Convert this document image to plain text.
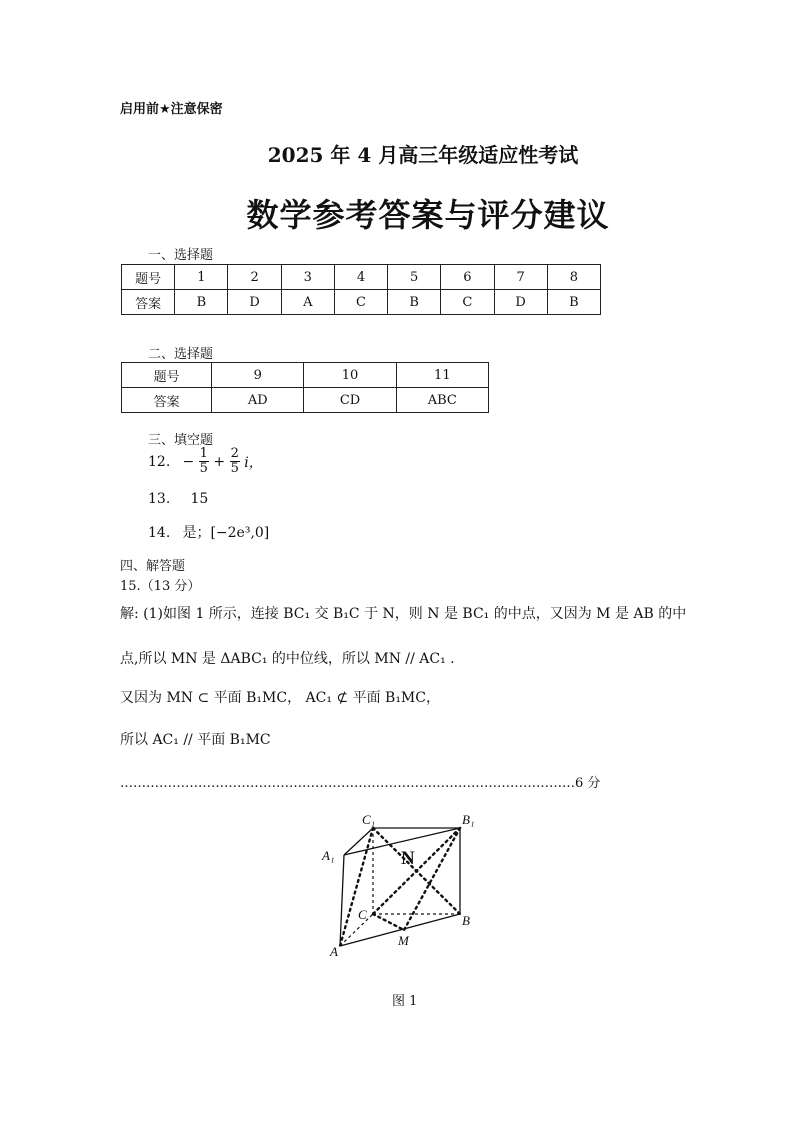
启用前★注意保密
2025 年 4 月高三年级适应性考试
数学参考答案与评分建议
一、选择题
题号	1	2	3	4	5	6	7	8
答案	B	D	A	C	B	C	D	B
二、选择题
题号	9	10	11
答案	AD	CD	ABC
三、填空题
12. − $\frac{1}{5} + \frac{2}{5}$ i，
13. 15
14. 是；[−2e³,0]
四、解答题
15.（13 分）
解: (1)如图 1 所示，连接 BC₁ 交 B₁C 于 N，则 N 是 BC₁ 的中点，又因为 M 是 AB 的中
点,所以 MN 是 ΔABC₁ 的中位线，所以 MN // AC₁ .
又因为 MN ⊂ 平面 B₁MC， AC₁ ⊄ 平面 B₁MC，
所以 AC₁ // 平面 B₁MC
……………………………………………………………………………………………6 分
C₁	B₁
A₁	N
C	B
M
A
图 1
